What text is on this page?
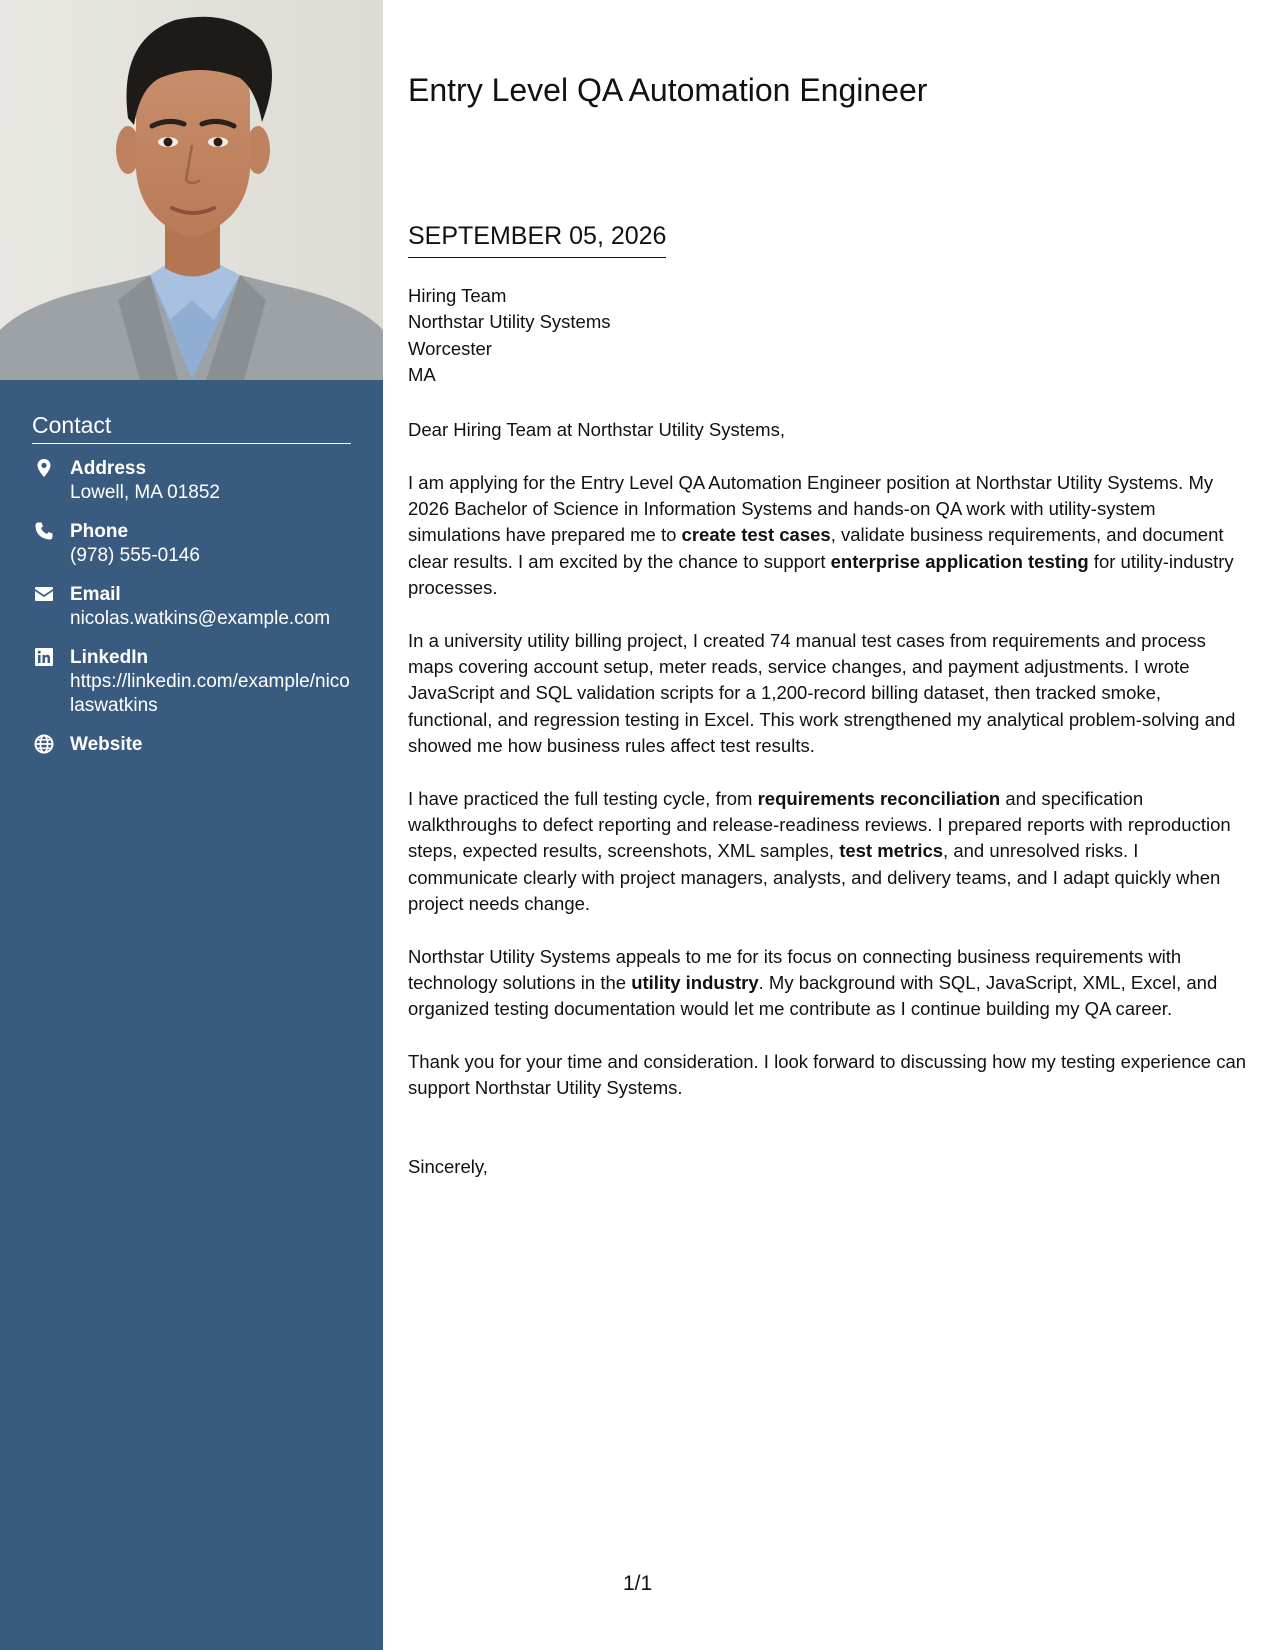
Contact
Address
Lowell, MA 01852
Phone
(978) 555-0146
Email
nicolas.watkins@example.com
LinkedIn
https://linkedin.com/example/nicolaswatkins
Website
Entry Level QA Automation Engineer
SEPTEMBER 05, 2026
Hiring Team
Northstar Utility Systems
Worcester
MA

Dear Hiring Team at Northstar Utility Systems,

I am applying for the Entry Level QA Automation Engineer position at Northstar Utility Systems. My 2026 Bachelor of Science in Information Systems and hands-on QA work with utility-system simulations have prepared me to create test cases, validate business requirements, and document clear results. I am excited by the chance to support enterprise application testing for utility-industry processes.

In a university utility billing project, I created 74 manual test cases from requirements and process maps covering account setup, meter reads, service changes, and payment adjustments. I wrote JavaScript and SQL validation scripts for a 1,200-record billing dataset, then tracked smoke, functional, and regression testing in Excel. This work strengthened my analytical problem-solving and showed me how business rules affect test results.

I have practiced the full testing cycle, from requirements reconciliation and specification walkthroughs to defect reporting and release-readiness reviews. I prepared reports with reproduction steps, expected results, screenshots, XML samples, test metrics, and unresolved risks. I communicate clearly with project managers, analysts, and delivery teams, and I adapt quickly when project needs change.

Northstar Utility Systems appeals to me for its focus on connecting business requirements with technology solutions in the utility industry. My background with SQL, JavaScript, XML, Excel, and organized testing documentation would let me contribute as I continue building my QA career.

Thank you for your time and consideration. I look forward to discussing how my testing experience can support Northstar Utility Systems.

Sincerely,
1/1
